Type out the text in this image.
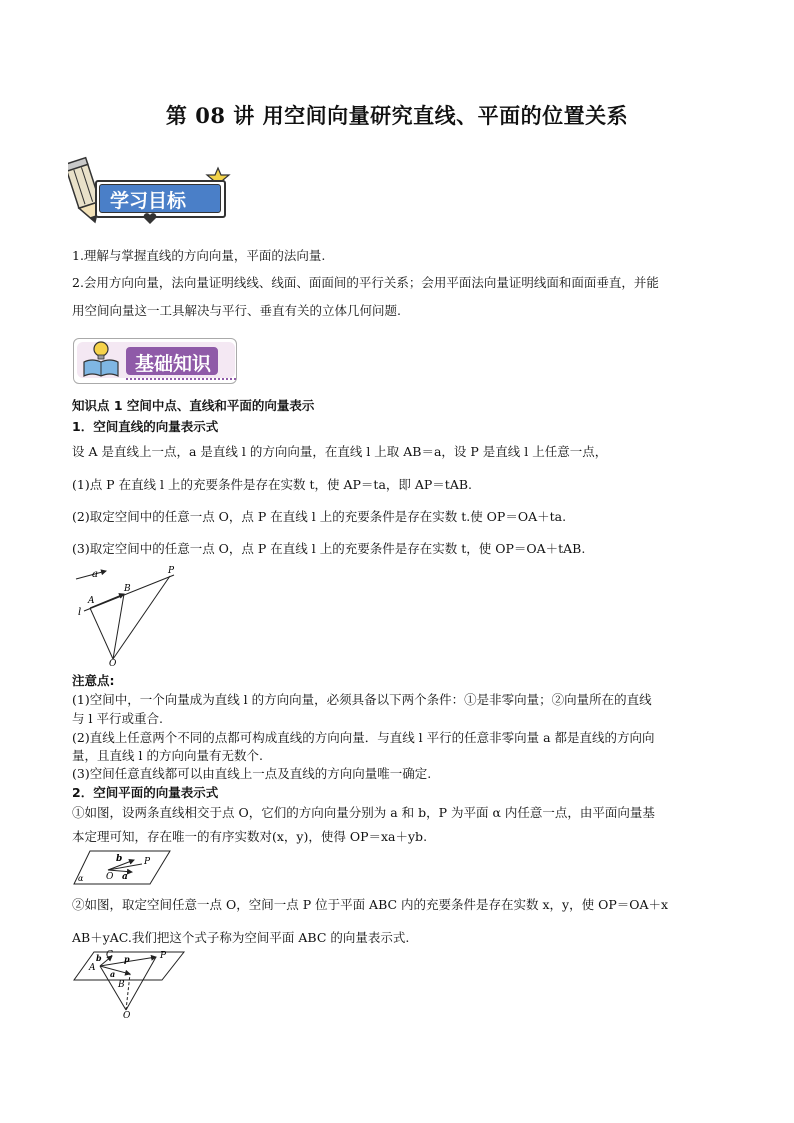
第 08 讲 用空间向量研究直线、平面的位置关系
学习目标
1.理解与掌握直线的方向向量，平面的法向量.
2.会用方向向量，法向量证明线线、线面、面面间的平行关系；会用平面法向量证明线面和面面垂直，并能
用空间向量这一工具解决与平行、垂直有关的立体几何问题.
基础知识
知识点 1 空间中点、直线和平面的向量表示
1．空间直线的向量表示式
设 A 是直线上一点，a 是直线 l 的方向向量，在直线 l 上取 AB＝a，设 P 是直线 l 上任意一点，
(1)点 P 在直线 l 上的充要条件是存在实数 t，使 AP＝ta，即 AP＝tAB.
(2)取定空间中的任意一点 O，点 P 在直线 l 上的充要条件是存在实数 t.使 OP＝OA＋ta.
(3)取定空间中的任意一点 O，点 P 在直线 l 上的充要条件是存在实数 t，使 OP＝OA＋tAB.
a
l
A
B
P
O
注意点:
(1)空间中，一个向量成为直线 l 的方向向量，必须具备以下两个条件：①是非零向量；②向量所在的直线
与 l 平行或重合.
(2)直线上任意两个不同的点都可构成直线的方向向量．与直线 l 平行的任意非零向量 a 都是直线的方向向
量，且直线 l 的方向向量有无数个.
(3)空间任意直线都可以由直线上一点及直线的方向向量唯一确定.
2．空间平面的向量表示式
①如图，设两条直线相交于点 O，它们的方向向量分别为 a 和 b，P 为平面 α 内任意一点，由平面向量基
本定理可知，存在唯一的有序实数对(x，y)，使得 OP＝xa＋yb.
b
a
O
P
α
②如图，取定空间任意一点 O，空间一点 P 位于平面 ABC 内的充要条件是存在实数 x，y，使 OP＝OA＋x
AB＋yAC.我们把这个式子称为空间平面 ABC 的向量表示式.
C
b	p	P
A
a
B
O
